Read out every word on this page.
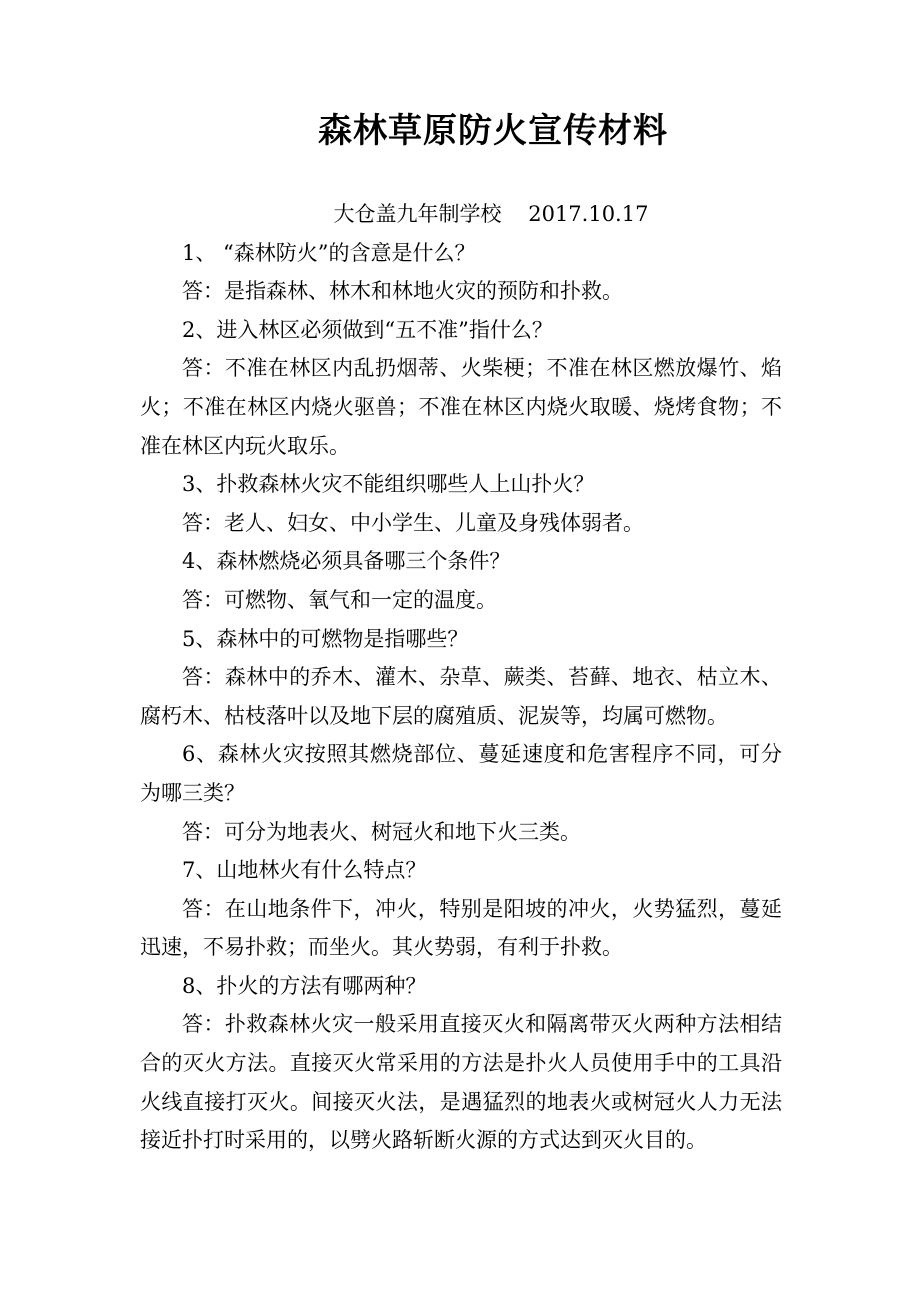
森林草原防火宣传材料
大仓盖九年制学校    2017.10.17

1、 “森林防火”的含意是什么？

答：是指森林、林木和林地火灾的预防和扑救。

2、进入林区必须做到“五不准”指什么？

答：不准在林区内乱扔烟蒂、火柴梗；不准在林区燃放爆竹、焰火；不准在林区内烧火驱兽；不准在林区内烧火取暖、烧烤食物；不准在林区内玩火取乐。

3、扑救森林火灾不能组织哪些人上山扑火？

答：老人、妇女、中小学生、儿童及身残体弱者。

4、森林燃烧必须具备哪三个条件？

答：可燃物、氧气和一定的温度。

5、森林中的可燃物是指哪些？

答：森林中的乔木、灌木、杂草、蕨类、苔藓、地衣、枯立木、腐朽木、枯枝落叶以及地下层的腐殖质、泥炭等，均属可燃物。

6、森林火灾按照其燃烧部位、蔓延速度和危害程序不同，可分为哪三类？

答：可分为地表火、树冠火和地下火三类。

7、山地林火有什么特点？

答：在山地条件下，冲火，特别是阳坡的冲火，火势猛烈，蔓延迅速，不易扑救；而坐火。其火势弱，有利于扑救。

8、扑火的方法有哪两种？

答：扑救森林火灾一般采用直接灭火和隔离带灭火两种方法相结合的灭火方法。直接灭火常采用的方法是扑火人员使用手中的工具沿火线直接打灭火。间接灭火法，是遇猛烈的地表火或树冠火人力无法接近扑打时采用的，以劈火路斩断火源的方式达到灭火目的。
